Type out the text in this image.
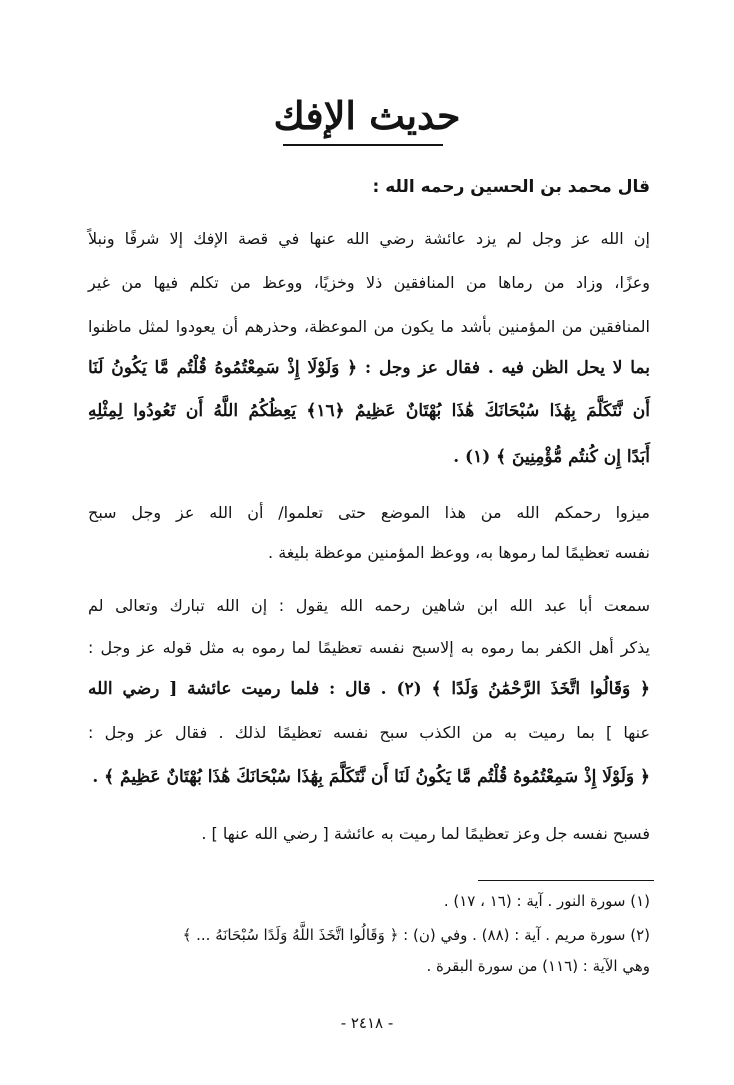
حديث الإفك
قال محمد بن الحسين رحمه الله :
إن الله عز وجل لم يزد عائشة رضي الله عنها في قصة الإفك إلا شرفًا ونبلاً
وعزًا، وزاد من رماها من المنافقين ذلا وخزيًا، ووعظ من تكلم فيها من غير
المنافقين من المؤمنين بأشد ما يكون من الموعظة، وحذرهم أن يعودوا لمثل ماظنوا
بما لا يحل الظن فيه . فقال عز وجل : ﴿ وَلَوْلَا إِذْ سَمِعْتُمُوهُ قُلْتُم مَّا يَكُونُ لَنَا
أَن نَّتَكَلَّمَ بِهَٰذَا سُبْحَانَكَ هَٰذَا بُهْتَانٌ عَظِيمٌ ﴿١٦﴾ يَعِظُكُمُ اللَّهُ أَن تَعُودُوا لِمِثْلِهِ
أَبَدًا إِن كُنتُم مُّؤْمِنِينَ ﴾ (١) .
ميزوا رحمكم الله من هذا الموضع حتى تعلموا/ أن الله عز وجل سبح
نفسه تعظيمًا لما رموها به، ووعظ المؤمنين موعظة بليغة .
سمعت أبا عبد الله ابن شاهين رحمه الله يقول : إن الله تبارك وتعالى لم
يذكر أهل الكفر بما رموه به إلاسبح نفسه تعظيمًا لما رموه به مثل قوله عز وجل :
﴿ وَقَالُوا اتَّخَذَ الرَّحْمَٰنُ وَلَدًا ﴾ (٢) . قال : فلما رميت عائشة [ رضي الله
عنها ] بما رميت به من الكذب سبح نفسه تعظيمًا لذلك . فقال عز وجل :
﴿ وَلَوْلَا إِذْ سَمِعْتُمُوهُ قُلْتُم مَّا يَكُونُ لَنَا أَن نَّتَكَلَّمَ بِهَٰذَا سُبْحَانَكَ هَٰذَا بُهْتَانٌ عَظِيمٌ ﴾ .
فسبح نفسه جل وعز تعظيمًا لما رميت به عائشة [ رضي الله عنها ] .
(١) سورة النور . آية : (١٦ ، ١٧) .
(٢) سورة مريم . آية : (٨٨) . وفي (ن) : ﴿ وَقَالُوا اتَّخَذَ اللَّهُ وَلَدًا سُبْحَانَهُ ... ﴾
وهي الآية : (١١٦) من سورة البقرة .
- ٢٤١٨ -
